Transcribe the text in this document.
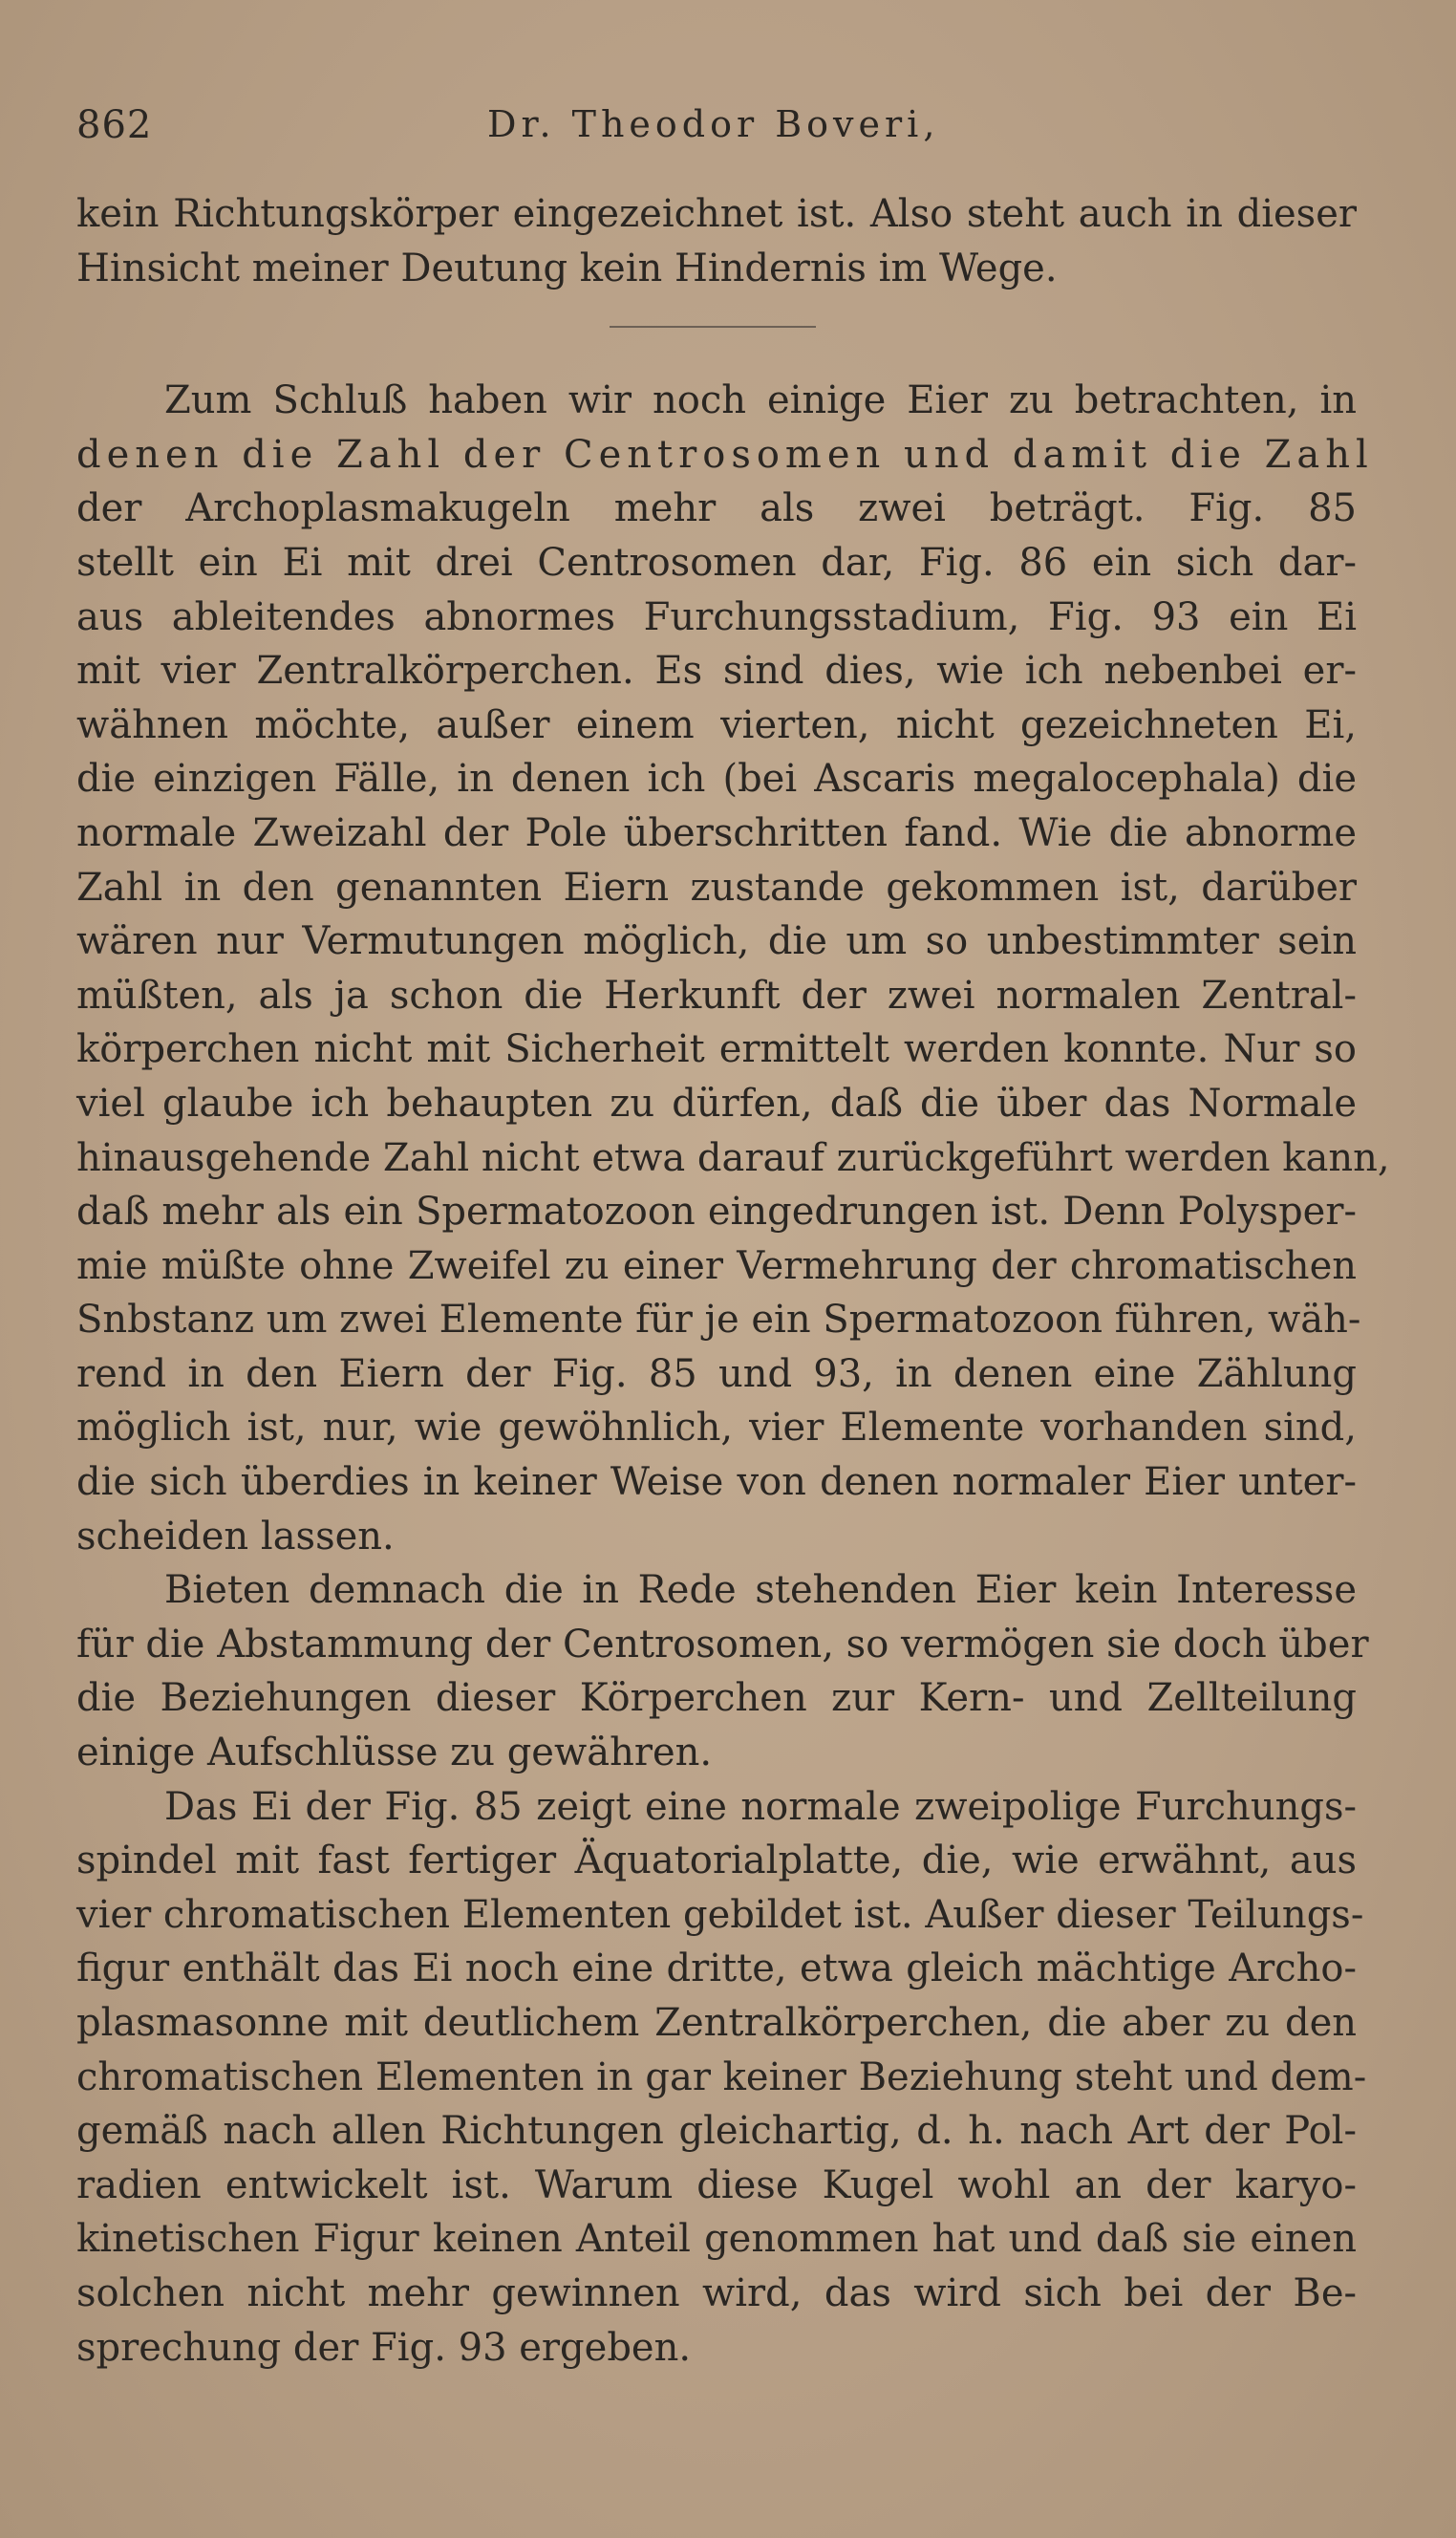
862	Dr. Theodor Boveri,

kein Richtungskörper eingezeichnet ist. Also steht auch in dieser
Hinsicht meiner Deutung kein Hindernis im Wege.

Zum Schluß haben wir noch einige Eier zu betrachten, in
denen die Zahl der Centrosomen und damit die Zahl
der Archoplasmakugeln mehr als zwei beträgt. Fig. 85
stellt ein Ei mit drei Centrosomen dar, Fig. 86 ein sich dar-
aus ableitendes abnormes Furchungsstadium, Fig. 93 ein Ei
mit vier Zentralkörperchen. Es sind dies, wie ich nebenbei er-
wähnen möchte, außer einem vierten, nicht gezeichneten Ei,
die einzigen Fälle, in denen ich (bei Ascaris megalocephala) die
normale Zweizahl der Pole überschritten fand. Wie die abnorme
Zahl in den genannten Eiern zustande gekommen ist, darüber
wären nur Vermutungen möglich, die um so unbestimmter sein
müßten, als ja schon die Herkunft der zwei normalen Zentral-
körperchen nicht mit Sicherheit ermittelt werden konnte. Nur so
viel glaube ich behaupten zu dürfen, daß die über das Normale
hinausgehende Zahl nicht etwa darauf zurückgeführt werden kann,
daß mehr als ein Spermatozoon eingedrungen ist. Denn Polysper-
mie müßte ohne Zweifel zu einer Vermehrung der chromatischen
Snbstanz um zwei Elemente für je ein Spermatozoon führen, wäh-
rend in den Eiern der Fig. 85 und 93, in denen eine Zählung
möglich ist, nur, wie gewöhnlich, vier Elemente vorhanden sind,
die sich überdies in keiner Weise von denen normaler Eier unter-
scheiden lassen.

Bieten demnach die in Rede stehenden Eier kein Interesse
für die Abstammung der Centrosomen, so vermögen sie doch über
die Beziehungen dieser Körperchen zur Kern- und Zellteilung
einige Aufschlüsse zu gewähren.

Das Ei der Fig. 85 zeigt eine normale zweipolige Furchungs-
spindel mit fast fertiger Äquatorialplatte, die, wie erwähnt, aus
vier chromatischen Elementen gebildet ist. Außer dieser Teilungs-
figur enthält das Ei noch eine dritte, etwa gleich mächtige Archo-
plasmasonne mit deutlichem Zentralkörperchen, die aber zu den
chromatischen Elementen in gar keiner Beziehung steht und dem-
gemäß nach allen Richtungen gleichartig, d. h. nach Art der Pol-
radien entwickelt ist. Warum diese Kugel wohl an der karyo-
kinetischen Figur keinen Anteil genommen hat und daß sie einen
solchen nicht mehr gewinnen wird, das wird sich bei der Be-
sprechung der Fig. 93 ergeben.
